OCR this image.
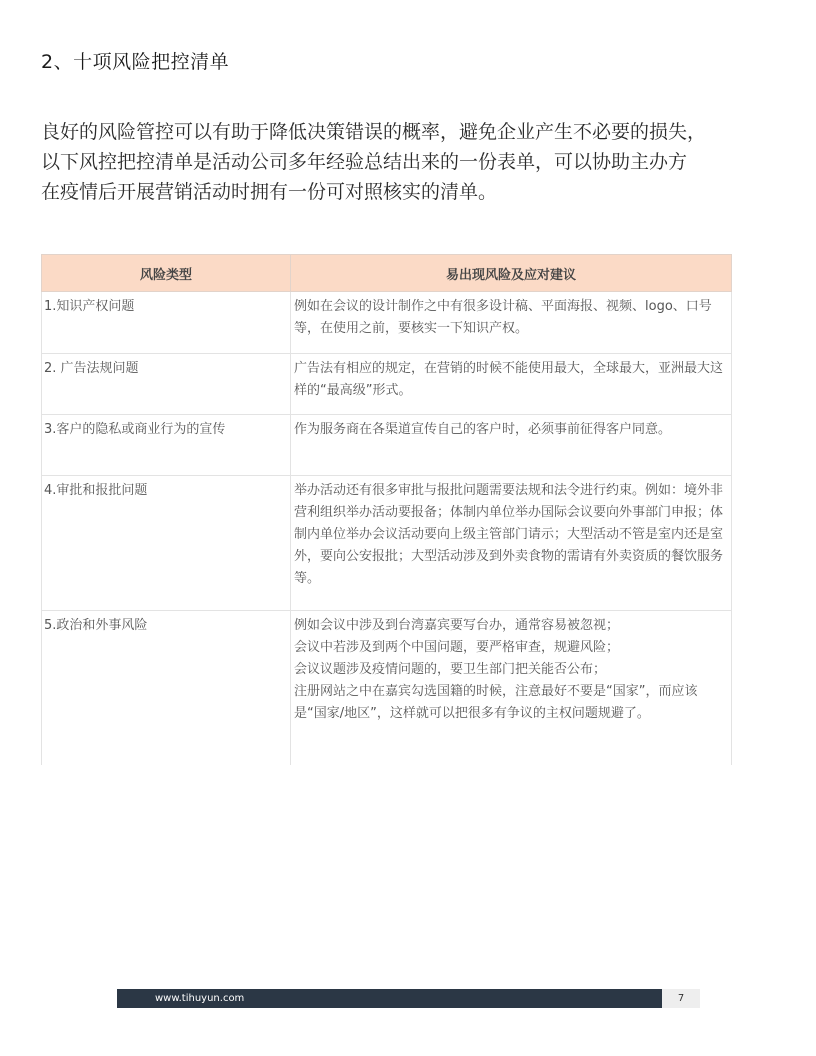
2、十项风险把控清单
良好的风险管控可以有助于降低决策错误的概率，避免企业产生不必要的损失，
以下风控把控清单是活动公司多年经验总结出来的一份表单，可以协助主办方
在疫情后开展营销活动时拥有一份可对照核实的清单。
风险类型	易出现风险及应对建议
1.知识产权问题	例如在会议的设计制作之中有很多设计稿、平面海报、视频、logo、口号等，在使用之前，要核实一下知识产权。

2. 广告法规问题	广告法有相应的规定，在营销的时候不能使用最大，全球最大，亚洲最大这样的“最高级”形式。

3.客户的隐私或商业行为的宣传	作为服务商在各渠道宣传自己的客户时，必须事前征得客户同意。

4.审批和报批问题	举办活动还有很多审批与报批问题需要法规和法令进行约束。例如：境外非营利组织举办活动要报备；体制内单位举办国际会议要向外事部门申报；体制内单位举办会议活动要向上级主管部门请示；大型活动不管是室内还是室外，要向公安报批；大型活动涉及到外卖食物的需请有外卖资质的餐饮服务等。

5.政治和外事风险	例如会议中涉及到台湾嘉宾要写台办，通常容易被忽视；
会议中若涉及到两个中国问题，要严格审查，规避风险；
会议议题涉及疫情问题的，要卫生部门把关能否公布；
注册网站之中在嘉宾勾选国籍的时候，注意最好不要是“国家”，而应该是“国家/地区”，这样就可以把很多有争议的主权问题规避了。
www.tihuyun.com	7
